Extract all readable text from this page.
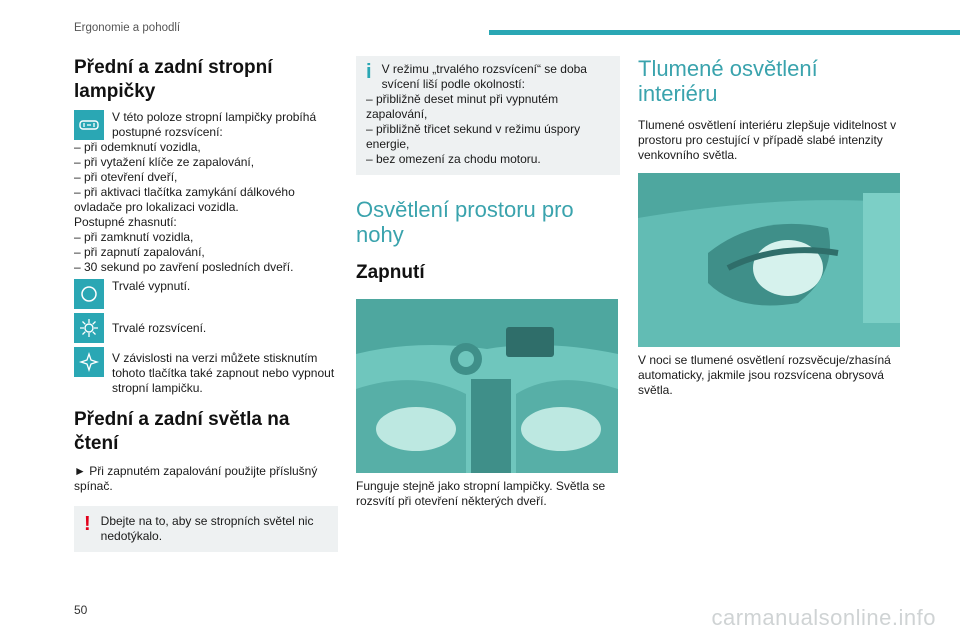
Ergonomie a pohodlí
Přední a zadní stropní lampičky
V této poloze stropní lampičky probíhá postupné rozsvícení:
– při odemknutí vozidla,
– při vytažení klíče ze zapalování,
– při otevření dveří,
– při aktivaci tlačítka zamykání dálkového ovladače pro lokalizaci vozidla.
Postupné zhasnutí:
– při zamknutí vozidla,
– při zapnutí zapalování,
– 30 sekund po zavření posledních dveří.
Trvalé vypnutí.
Trvalé rozsvícení.
V závislosti na verzi můžete stisknutím tohoto tlačítka také zapnout nebo vypnout stropní lampičku.
Přední a zadní světla na čtení

► Při zapnutém zapalování použijte příslušný spínač.

! Dbejte na to, aby se stropních světel nic nedotýkalo.
i V režimu „trvalého rozsvícení“ se doba svícení liší podle okolností:
– přibližně deset minut při vypnutém zapalování,
– přibližně třicet sekund v režimu úspory energie,
– bez omezení za chodu motoru.
Osvětlení prostoru pro nohy
Zapnutí

Funguje stejně jako stropní lampičky. Světla se rozsvítí při otevření některých dveří.

Tlumené osvětlení interiéru

Tlumené osvětlení interiéru zlepšuje viditelnost v prostoru pro cestující v případě slabé intenzity venkovního světla.

V noci se tlumené osvětlení rozsvěcuje/zhasíná automaticky, jakmile jsou rozsvícena obrysová světla.

50	carmanualsonline.info
